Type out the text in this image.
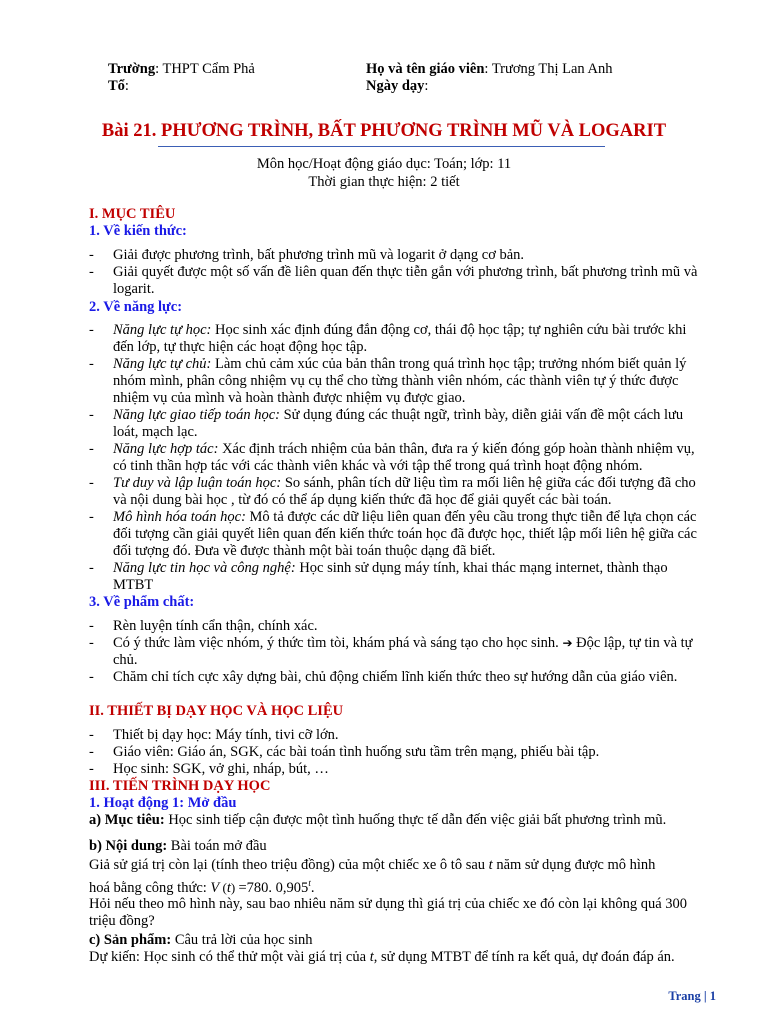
Trường: THPT Cẩm Phả
Tổ:
Họ và tên giáo viên: Trương Thị Lan Anh
Ngày dạy:
Bài 21. PHƯƠNG TRÌNH, BẤT PHƯƠNG TRÌNH MŨ VÀ LOGARIT
Môn học/Hoạt động giáo dục: Toán; lớp: 11
Thời gian thực hiện: 2 tiết
I. MỤC TIÊU
1. Về kiến thức:
- Giải được phương trình, bất phương trình mũ và logarit ở dạng cơ bản.
- Giải quyết được một số vấn đề liên quan đến thực tiễn gắn với phương trình, bất phương trình mũ và logarit.
2. Về năng lực:
- Năng lực tự học: Học sinh xác định đúng đắn động cơ, thái độ học tập; tự nghiên cứu bài trước khi đến lớp, tự thực hiện các hoạt động học tập.
- Năng lực tự chủ: Làm chủ cảm xúc của bản thân trong quá trình học tập; trưởng nhóm biết quản lý nhóm mình, phân công nhiệm vụ cụ thể cho từng thành viên nhóm, các thành viên tự ý thức được nhiệm vụ của mình và hoàn thành được nhiệm vụ được giao.
- Năng lực giao tiếp toán học: Sử dụng đúng các thuật ngữ, trình bày, diễn giải vấn đề một cách lưu loát, mạch lạc.
- Năng lực hợp tác: Xác định trách nhiệm của bản thân, đưa ra ý kiến đóng góp hoàn thành nhiệm vụ, có tinh thần hợp tác với các thành viên khác và với tập thể trong quá trình hoạt động nhóm.
- Tư duy và lập luận toán học: So sánh, phân tích dữ liệu tìm ra mối liên hệ giữa các đối tượng đã cho và nội dung bài học , từ đó có thể áp dụng kiến thức đã học để giải quyết các bài toán.
- Mô hình hóa toán học: Mô tả được các dữ liệu liên quan đến yêu cầu trong thực tiễn để lựa chọn các đối tượng cần giải quyết liên quan đến kiến thức toán học đã được học, thiết lập mối liên hệ giữa các đối tượng đó. Đưa về được thành một bài toán thuộc dạng đã biết.
- Năng lực tin học và công nghệ: Học sinh sử dụng máy tính, khai thác mạng internet, thành thạo MTBT
3. Về phẩm chất:
- Rèn luyện tính cẩn thận, chính xác.
- Có ý thức làm việc nhóm, ý thức tìm tòi, khám phá và sáng tạo cho học sinh. ➔ Độc lập, tự tin và tự chủ.
- Chăm chỉ tích cực xây dựng bài, chủ động chiếm lĩnh kiến thức theo sự hướng dẫn của giáo viên.
II. THIẾT BỊ DẠY HỌC VÀ HỌC LIỆU
- Thiết bị dạy học: Máy tính, tivi cỡ lớn.
- Giáo viên: Giáo án, SGK, các bài toán tình huống sưu tầm trên mạng, phiếu bài tập.
- Học sinh: SGK, vở ghi, nháp, bút, …
III. TIẾN TRÌNH DẠY HỌC
1. Hoạt động 1: Mở đầu
a) Mục tiêu: Học sinh tiếp cận được một tình huống thực tế dẫn đến việc giải bất phương trình mũ.
b) Nội dung: Bài toán mở đầu
Giả sử giá trị còn lại (tính theo triệu đồng) của một chiếc xe ô tô sau t năm sử dụng được mô hình
hoá bằng công thức: V (t) =780. 0,905$^t$.
Hỏi nếu theo mô hình này, sau bao nhiêu năm sử dụng thì giá trị của chiếc xe đó còn lại không quá 300 triệu đồng?
c) Sản phẩm: Câu trả lời của học sinh
Dự kiến: Học sinh có thể thử một vài giá trị của t, sử dụng MTBT để tính ra kết quả, dự đoán đáp án.
Trang | 1
